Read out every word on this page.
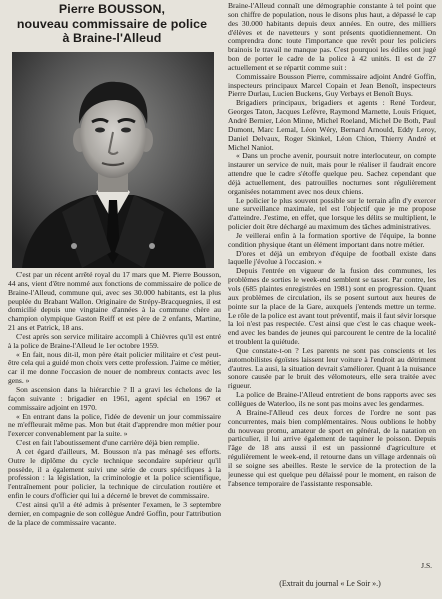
Pierre BOUSSON,
nouveau commissaire de police
à Braine-l'Alleud

C'est par un récent arrêté royal du 17 mars que M. Pierre Bousson, 44 ans, vient d'être nommé aux fonctions de commissaire de police de Braine-l'Alleud, commune qui, avec ses 30.000 habitants, est la plus peuplée du Brabant Wallon. Originaire de Strépy-Bracquegnies, il est domicilié depuis une vingtaine d'années à la commune chère au champion olympique Gaston Reiff et est père de 2 enfants, Martine, 21 ans et Patrick, 18 ans.

C'est après son service militaire accompli à Chièvres qu'il est entré à la police de Braine-l'Alleud le 1er octobre 1959.

« En fait, nous dit-il, mon père était policier militaire et c'est peut-être cela qui a guidé mon choix vers cette profession. J'aime ce métier, car il me donne l'occasion de nouer de nombreux contacts avec les gens. »

Son ascension dans la hiérarchie ? Il a gravi les échelons de la façon suivante : brigadier en 1961, agent spécial en 1967 et commissaire adjoint en 1970.

« En entrant dans la police, l'idée de devenir un jour commissaire ne m'effleurait même pas. Mon but était d'apprendre mon métier pour l'exercer convenablement par la suite. »

C'est en fait l'aboutissement d'une carrière déjà bien remplie.

A cet égard d'ailleurs, M. Bousson n'a pas ménagé ses efforts. Outre le diplôme du cycle technique secondaire supérieur qu'il possède, il a également suivi une série de cours spécifiques à la profession : la législation, la criminologie et la police scientifique, l'entraînement pour policier, la technique de circulation routière et enfin le cours d'officier qui lui a décerné le brevet de commissaire.

C'est ainsi qu'il a été admis à présenter l'examen, le 3 septembre dernier, en compagnie de son collègue André Goffin, pour l'attribution de la place de commissaire vacante.

Braine-l'Alleud connaît une démographie constante à tel point que son chiffre de population, nous le disons plus haut, a dépassé le cap des 30.000 habitants depuis deux années. En outre, des milliers d'élèves et de navetteurs y sont présents quotidiennement. On comprendra donc toute l'importance que revêt pour les policiers brainois le travail ne manque pas. C'est pourquoi les édiles ont jugé bon de porter le cadre de la police à 42 unités. Il est de 27 actuellement et se répartit comme suit :

Commissaire Bousson Pierre, commissaire adjoint André Goffin, inspecteurs principaux Marcel Copain et Jean Benoît, inspecteurs Pierre Durlau, Lucien Buckens, Guy Verbays et Benoît Buys.

Brigadiers principaux, brigadiers et agents : René Tordeur, Georges Taton, Jacques Lefèvre, Raymond Marnette, Louis Friquet, André Bernier, Léon Minne, Michel Roeland, Michel De Both, Paul Dumont, Marc Lemal, Léon Wéry, Bernard Arnould, Eddy Leroy, Daniel Delvaux, Roger Skinkel, Léon Chion, Thierry André et Michel Naniot.

« Dans un proche avenir, poursuit notre interlocuteur, on compte instaurer un service de nuit, mais pour le réaliser il faudrait encore attendre que le cadre s'étoffe quelque peu. Sachez cependant que déjà actuellement, des patrouilles nocturnes sont régulièrement organisées notamment avec nos deux chiens.

Le policier le plus souvent possible sur le terrain afin d'y exercer une surveillance maximale, tel est l'objectif que je me propose d'atteindre. J'estime, en effet, que lorsque les délits se multiplient, le policier doit être déchargé au maximum des tâches administratives.

Je veillerai enfin à la formation sportive de l'équipe, la bonne condition physique étant un élément important dans notre métier.

D'ores et déjà un embryon d'équipe de football existe dans laquelle j'évolue à l'occasion. »

Depuis l'entrée en vigueur de la fusion des communes, les problèmes de sorties le week-end semblent se tasser. Par contre, les vols (685 plaintes enregistrées en 1981) sont en progression. Quant aux problèmes de circulation, ils se posent surtout aux heures de pointe sur la place de la Gare, auxquels j'entends mettre un terme. Le rôle de la police est avant tout préventif, mais il faut sévir lorsque la loi n'est pas respectée. C'est ainsi que c'est le cas chaque week-end avec les bandes de jeunes qui parcourent le centre de la localité et troublent la quiétude.

Que constate-t-on ? Les parents ne sont pas conscients et les automobilistes égoïstes laissent leur voiture à l'endroit au détriment d'autres. La ausi, la situation devrait s'améliorer. Quant à la nuisance sonore causée par le bruit des vélomoteurs, elle sera traitée avec rigueur.

La police de Braine-l'Alleud entretient de bons rapports avec ses collègues de Waterloo, ils ne sont pas moins avec les gendarmes.

A Braine-l'Alleud ces deux forces de l'ordre ne sont pas concurrentes, mais bien complémentaires. Nous oublions le hobby du nouveau promu, amateur de sport en général, de la natation en particulier, il lui arrive également de taquiner le poisson. Depuis l'âge de 18 ans aussi il est un passionné d'agriculture et régulièrement le week-end, il retourne dans un village ardennais où il se soigne ses abeilles. Reste le service de la protection de la jeunesse qui est quelque peu délaissé pour le moment, en raison de l'absence temporaire de l'assistante responsable.

J.S.
(Extrait du journal « Le Soir ».)
